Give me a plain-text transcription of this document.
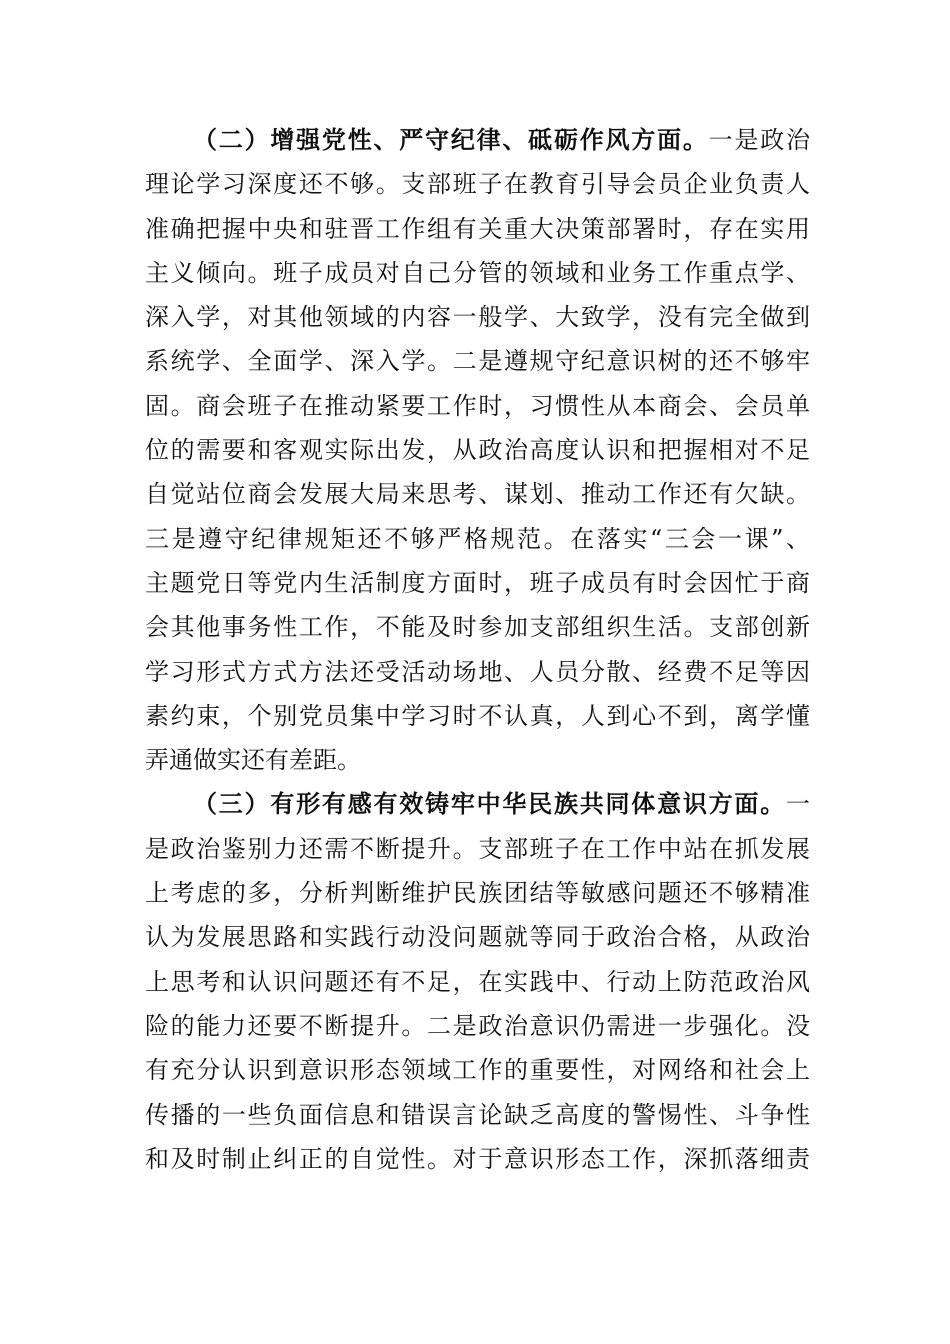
（二）增强党性、严守纪律、砥砺作风方面。一是政治
理论学习深度还不够。支部班子在教育引导会员企业负责人
准确把握中央和驻晋工作组有关重大决策部署时，存在实用
主义倾向。班子成员对自己分管的领域和业务工作重点学、
深入学，对其他领域的内容一般学、大致学，没有完全做到
系统学、全面学、深入学。二是遵规守纪意识树的还不够牢
固。商会班子在推动紧要工作时，习惯性从本商会、会员单
位的需要和客观实际出发，从政治高度认识和把握相对不足
自觉站位商会发展大局来思考、谋划、推动工作还有欠缺。
三是遵守纪律规矩还不够严格规范。在落实“三会一课”、
主题党日等党内生活制度方面时，班子成员有时会因忙于商
会其他事务性工作，不能及时参加支部组织生活。支部创新
学习形式方式方法还受活动场地、人员分散、经费不足等因
素约束，个别党员集中学习时不认真，人到心不到，离学懂
弄通做实还有差距。
（三）有形有感有效铸牢中华民族共同体意识方面。一
是政治鉴别力还需不断提升。支部班子在工作中站在抓发展
上考虑的多，分析判断维护民族团结等敏感问题还不够精准
认为发展思路和实践行动没问题就等同于政治合格，从政治
上思考和认识问题还有不足，在实践中、行动上防范政治风
险的能力还要不断提升。二是政治意识仍需进一步强化。没
有充分认识到意识形态领域工作的重要性，对网络和社会上
传播的一些负面信息和错误言论缺乏高度的警惕性、斗争性
和及时制止纠正的自觉性。对于意识形态工作，深抓落细责
